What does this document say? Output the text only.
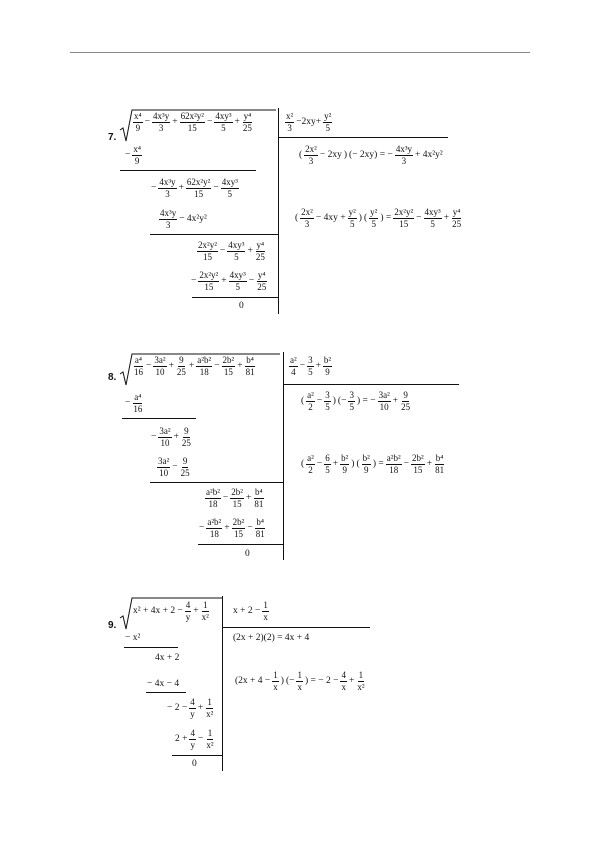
7.
$\frac{\text{x⁴}}{9} - \frac{\text{4x³y}}{3} + \frac{\text{62x²y²}}{15} - \frac{\text{4xy³}}{5} + \frac{\text{y⁴}}{25}$	$\frac{\text{x²}}{3} -2xy+ \frac{\text{y²}}{5}$
− $\frac{\text{x⁴}}{9}$
− $\frac{\text{4x³y}}{3} + \frac{\text{62x²y²}}{15} - \frac{\text{4xy³}}{5}$
$\frac{\text{4x³y}}{3} - 4x^2y^2$
$\frac{\text{2x²y²}}{15} - \frac{\text{4xy³}}{5} + \frac{\text{y⁴}}{25}$
− $\frac{\text{2x²y²}}{15} + \frac{\text{4xy³}}{5} - \frac{\text{y⁴}}{25}$
0
( $\frac{\text{2x²}}{3} - 2xy$ ) (− 2xy) = − $\frac{\text{4x³y}}{3} + 4x^2y^2$
( $\frac{\text{2x²}}{3} - 4xy + \frac{\text{y²}}{5}$ ) ( $\frac{\text{y²}}{5}$ ) = $\frac{\text{2x²y²}}{15} - \frac{\text{4xy³}}{5} + \frac{\text{y⁴}}{25}$
8.
$\frac{\text{a⁴}}{16} - \frac{\text{3a²}}{10} + \frac{9}{25} + \frac{\text{a²b²}}{18} - \frac{\text{2b²}}{15} + \frac{\text{b⁴}}{81}$	$\frac{\text{a²}}{4} - \frac{3}{5} + \frac{\text{b²}}{9}$
− $\frac{\text{a⁴}}{16}$
− $\frac{\text{3a²}}{10} + \frac{9}{25}$
$\frac{\text{3a²}}{10} - \frac{9}{25}$
$\frac{\text{a²b²}}{18} - \frac{\text{2b²}}{15} + \frac{\text{b⁴}}{81}$
− $\frac{\text{a²b²}}{18} + \frac{\text{2b²}}{15} - \frac{\text{b⁴}}{81}$
0
( $\frac{\text{a²}}{2} - \frac{3}{5}$ ) (− $\frac{3}{5}$ ) = − $\frac{\text{3a²}}{10} + \frac{9}{25}$
( $\frac{\text{a²}}{2} - \frac{6}{5} + \frac{\text{b²}}{9}$ ) ( $\frac{\text{b²}}{9}$ ) = $\frac{\text{a²b²}}{18} - \frac{\text{2b²}}{15} + \frac{\text{b⁴}}{81}$
9.
$x^2 + 4x + 2 - \frac{4}{y} + \frac{1}{\text{x²}}$ $x + 2 - \frac{1}{x}$
− x²
4x + 2
− 4x − 4
− $2 - \frac{4}{y} + \frac{1}{\text{x²}}$
$2 + \frac{4}{y} - \frac{1}{\text{x²}}$
0
(2x + 2)(2) = 4x + 4
($2x + 4 - \frac{1}{x}$ ) (− $\frac{1}{x}$ ) = − $2 - \frac{4}{x} + \frac{1}{\text{x²}}$
